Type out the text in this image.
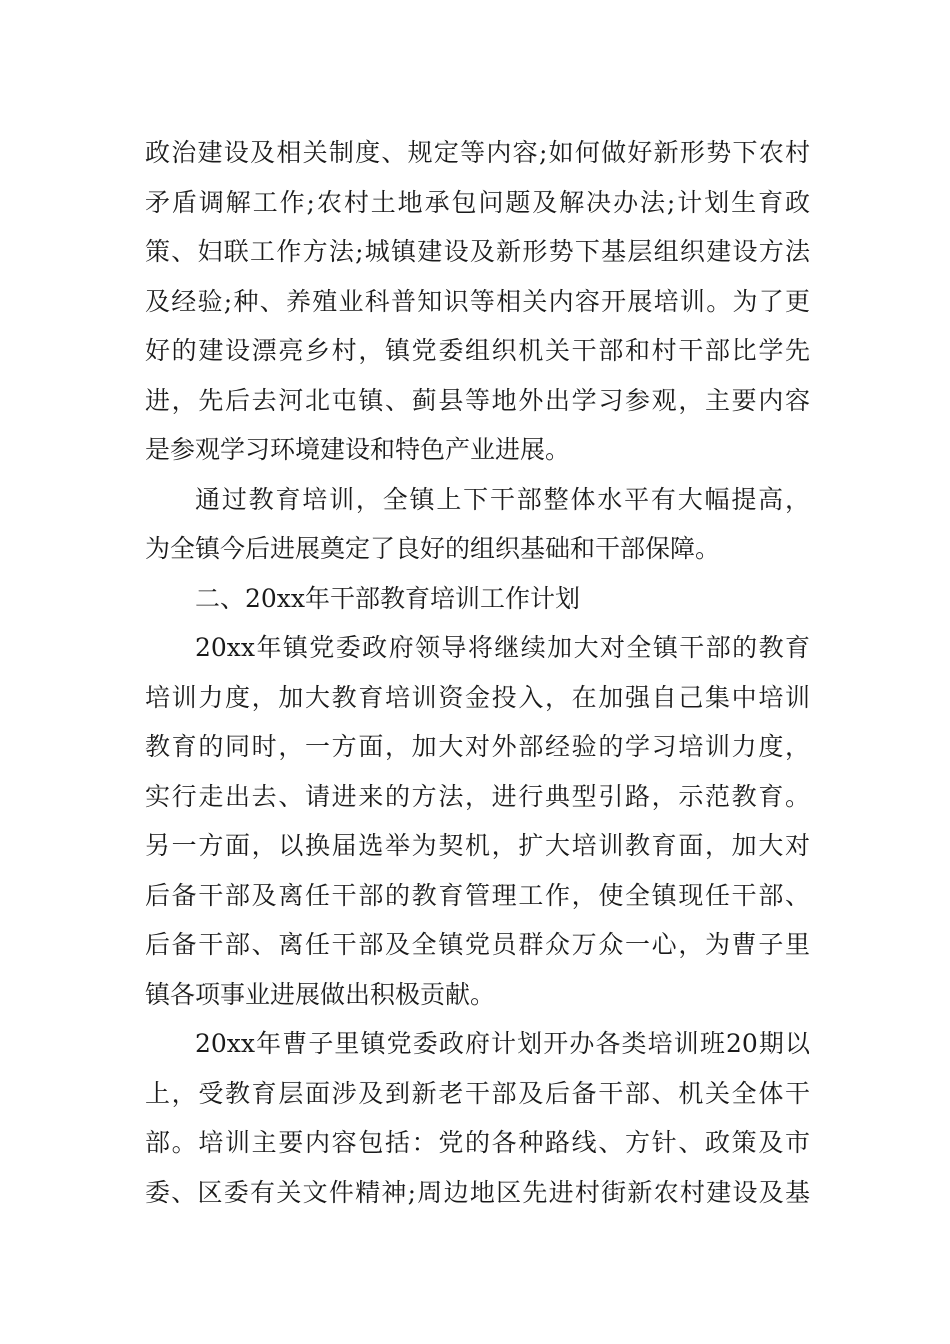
政治建设及相关制度、规定等内容;如何做好新形势下农村
矛盾调解工作;农村土地承包问题及解决办法;计划生育政
策、妇联工作方法;城镇建设及新形势下基层组织建设方法
及经验;种、养殖业科普知识等相关内容开展培训。为了更
好的建设漂亮乡村，镇党委组织机关干部和村干部比学先
进，先后去河北屯镇、蓟县等地外出学习参观，主要内容
是参观学习环境建设和特色产业进展。
通过教育培训，全镇上下干部整体水平有大幅提高，
为全镇今后进展奠定了良好的组织基础和干部保障。
二、20xx年干部教育培训工作计划
20xx年镇党委政府领导将继续加大对全镇干部的教育
培训力度，加大教育培训资金投入，在加强自己集中培训
教育的同时，一方面，加大对外部经验的学习培训力度，
实行走出去、请进来的方法，进行典型引路，示范教育。
另一方面，以换届选举为契机，扩大培训教育面，加大对
后备干部及离任干部的教育管理工作，使全镇现任干部、
后备干部、离任干部及全镇党员群众万众一心，为曹子里
镇各项事业进展做出积极贡献。
20xx年曹子里镇党委政府计划开办各类培训班20期以
上，受教育层面涉及到新老干部及后备干部、机关全体干
部。培训主要内容包括：党的各种路线、方针、政策及市
委、区委有关文件精神;周边地区先进村街新农村建设及基
